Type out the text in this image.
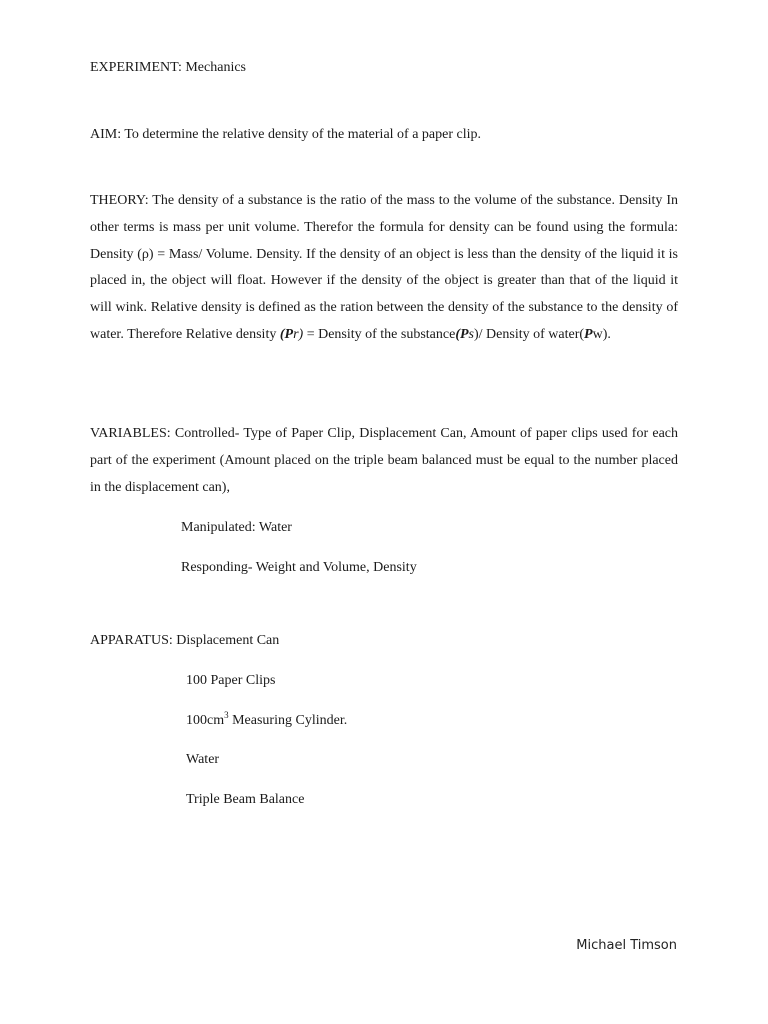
EXPERIMENT: Mechanics
AIM: To determine the relative density of the material of a paper clip.

THEORY: The density of a substance is the ratio of the mass to the volume of the substance. Density In other terms is mass per unit volume. Therefor the formula for density can be found using the formula: Density (ρ) = Mass/ Volume. Density. If the density of an object is less than the density of the liquid it is placed in, the object will float. However if the density of the object is greater than that of the liquid it will wink. Relative density is defined as the ration between the density of the substance to the density of water. Therefore Relative density (Pr) = Density of the substance(Ps)/ Density of water(Pw).

VARIABLES: Controlled- Type of Paper Clip, Displacement Can, Amount of paper clips used for each part of the experiment (Amount placed on the triple beam balanced must be equal to the number placed in the displacement can),

Manipulated: Water
Responding- Weight and Volume, Density
APPARATUS: Displacement Can
100 Paper Clips
$100cm^3$ Measuring Cylinder.
Water
Triple Beam Balance
Michael Timson
